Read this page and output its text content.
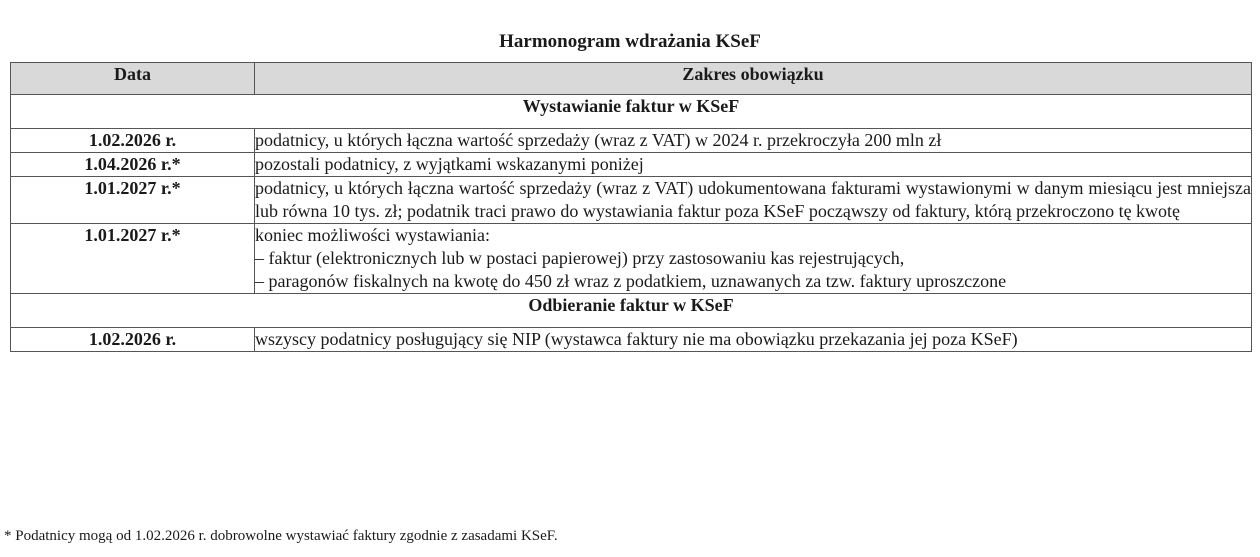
Harmonogram wdrażania KSeF
Data	Zakres obowiązku
Wystawianie faktur w KSeF	
1.02.2026 r.	podatnicy, u których łączna wartość sprzedaży (wraz z VAT) w 2024 r. przekroczyła 200 mln zł
1.04.2026 r.*	pozostali podatnicy, z wyjątkami wskazanymi poniżej
1.01.2027 r.*	podatnicy, u których łączna wartość sprzedaży (wraz z VAT) udokumentowana fakturami wystawionymi w danym miesiącu jest mniejsza lub równa 10 tys. zł; podatnik traci prawo do wystawiania faktur poza KSeF począwszy od faktury, którą przekroczono tę kwotę
1.01.2027 r.*	koniec możliwości wystawiania:
– faktur (elektronicznych lub w postaci papierowej) przy zastosowaniu kas rejestrujących,
– paragonów fiskalnych na kwotę do 450 zł wraz z podatkiem, uznawanych za tzw. faktury uproszczone

Odbieranie faktur w KSeF	
1.02.2026 r.	wszyscy podatnicy posługujący się NIP (wystawca faktury nie ma obowiązku przekazania jej poza KSeF)
* Podatnicy mogą od 1.02.2026 r. dobrowolne wystawiać faktury zgodnie z zasadami KSeF.
